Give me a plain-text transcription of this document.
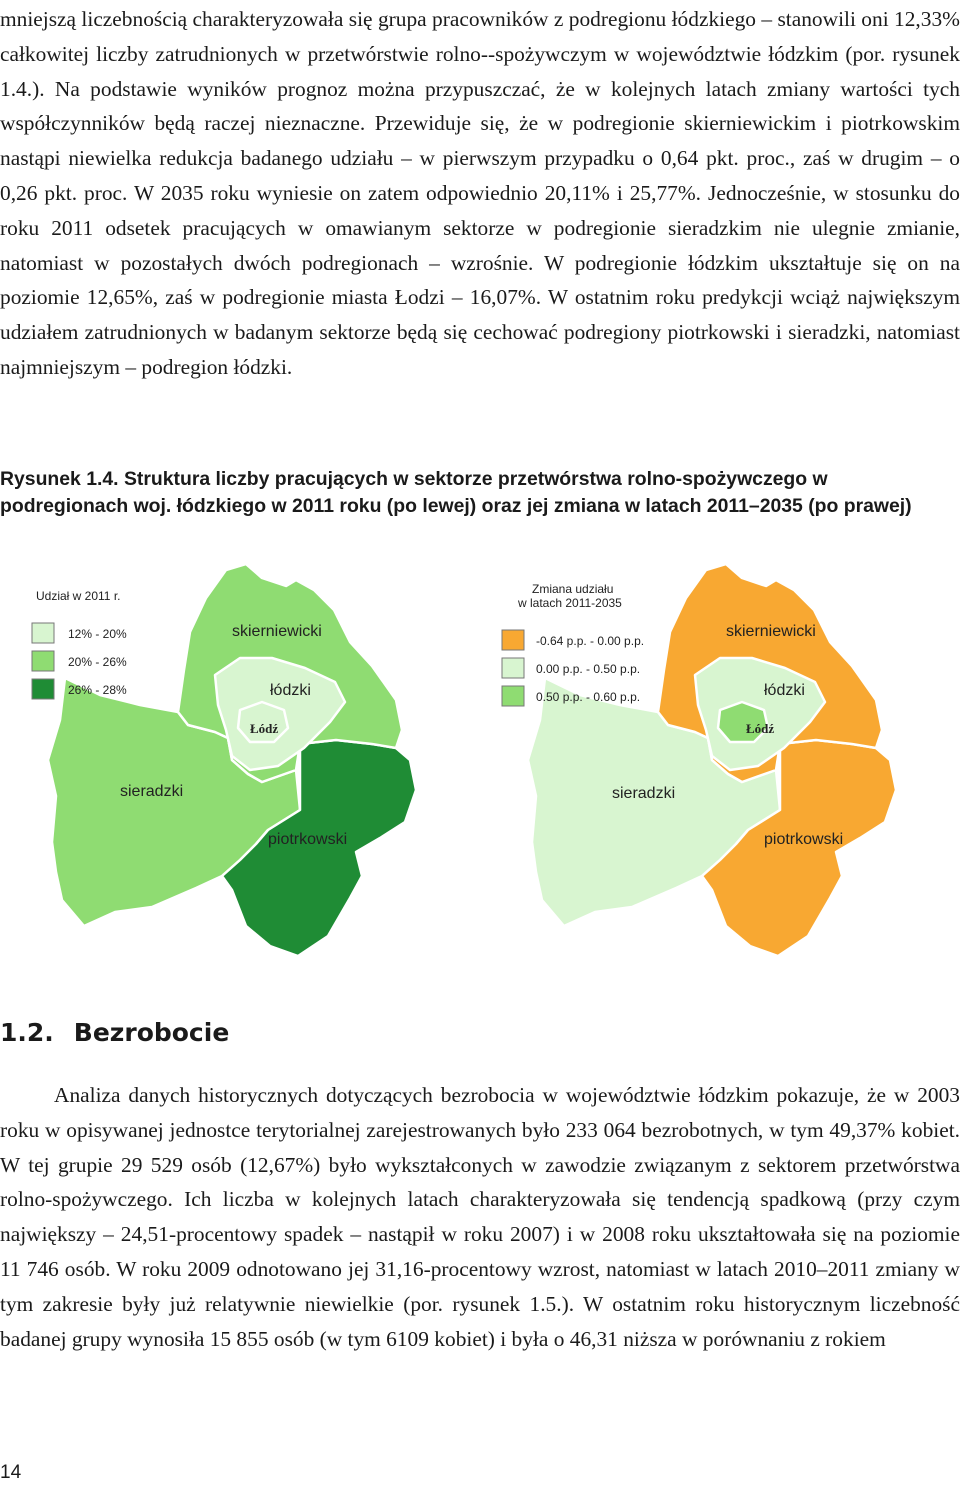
mniejszą liczebnością charakteryzowała się grupa pracowników z podregionu łódzkiego – stanowili oni 12,33% całkowitej liczby zatrudnionych w przetwórstwie rolno--spożywczym w województwie łódzkim (por. rysunek 1.4.). Na podstawie wyników prognoz można przypuszczać, że w kolejnych latach zmiany wartości tych współczynników będą raczej nieznaczne. Przewiduje się, że w podregionie skierniewickim i piotrkowskim nastąpi niewielka redukcja badanego udziału – w pierwszym przypadku o 0,64 pkt. proc., zaś w drugim – o 0,26 pkt. proc. W 2035 roku wyniesie on zatem odpowiednio 20,11% i 25,77%. Jednocześnie, w stosunku do roku 2011 odsetek pracujących w omawianym sektorze w podregionie sieradzkim nie ulegnie zmianie, natomiast w pozostałych dwóch podregionach – wzrośnie. W podregionie łódzkim ukształtuje się on na poziomie 12,65%, zaś w podregionie miasta Łodzi – 16,07%. W ostatnim roku predykcji wciąż największym udziałem zatrudnionych w badanym sektorze będą się cechować podregiony piotrkowski i sieradzki, natomiast najmniejszym – podregion łódzki.

Rysunek 1.4. Struktura liczby pracujących w sektorze przetwórstwa rolno-spożywczego w podregionach woj. łódzkiego w 2011 roku (po lewej) oraz jej zmiana w latach 2011–2035 (po prawej)
skierniewicki
łódzki
Łódź
sieradzki
piotrkowski
Udział w 2011 r.
12% - 20%
20% - 26%
26% - 28%
skierniewicki
łódzki
Łódź
sieradzki
piotrkowski
Zmiana udziału
w latach 2011-2035
-0.64 p.p. - 0.00 p.p.
0.00 p.p. - 0.50 p.p.
0.50 p.p. - 0.60 p.p.
1.2. Bezrobocie

Analiza danych historycznych dotyczących bezrobocia w województwie łódzkim pokazuje, że w 2003 roku w opisywanej jednostce terytorialnej zarejestrowanych było 233 064 bezrobotnych, w tym 49,37% kobiet. W tej grupie 29 529 osób (12,67%) było wykształconych w zawodzie związanym z sektorem przetwórstwa rolno-spożywczego. Ich liczba w kolejnych latach charakteryzowała się tendencją spadkową (przy czym największy – 24,51-procentowy spadek – nastąpił w roku 2007) i w 2008 roku ukształtowała się na poziomie 11 746 osób. W roku 2009 odnotowano jej 31,16-procentowy wzrost, natomiast w latach 2010–2011 zmiany w tym zakresie były już relatywnie niewielkie (por. rysunek 1.5.). W ostatnim roku historycznym liczebność badanej grupy wynosiła 15 855 osób (w tym 6109 kobiet) i była o 46,31 niższa w porównaniu z rokiem

14
